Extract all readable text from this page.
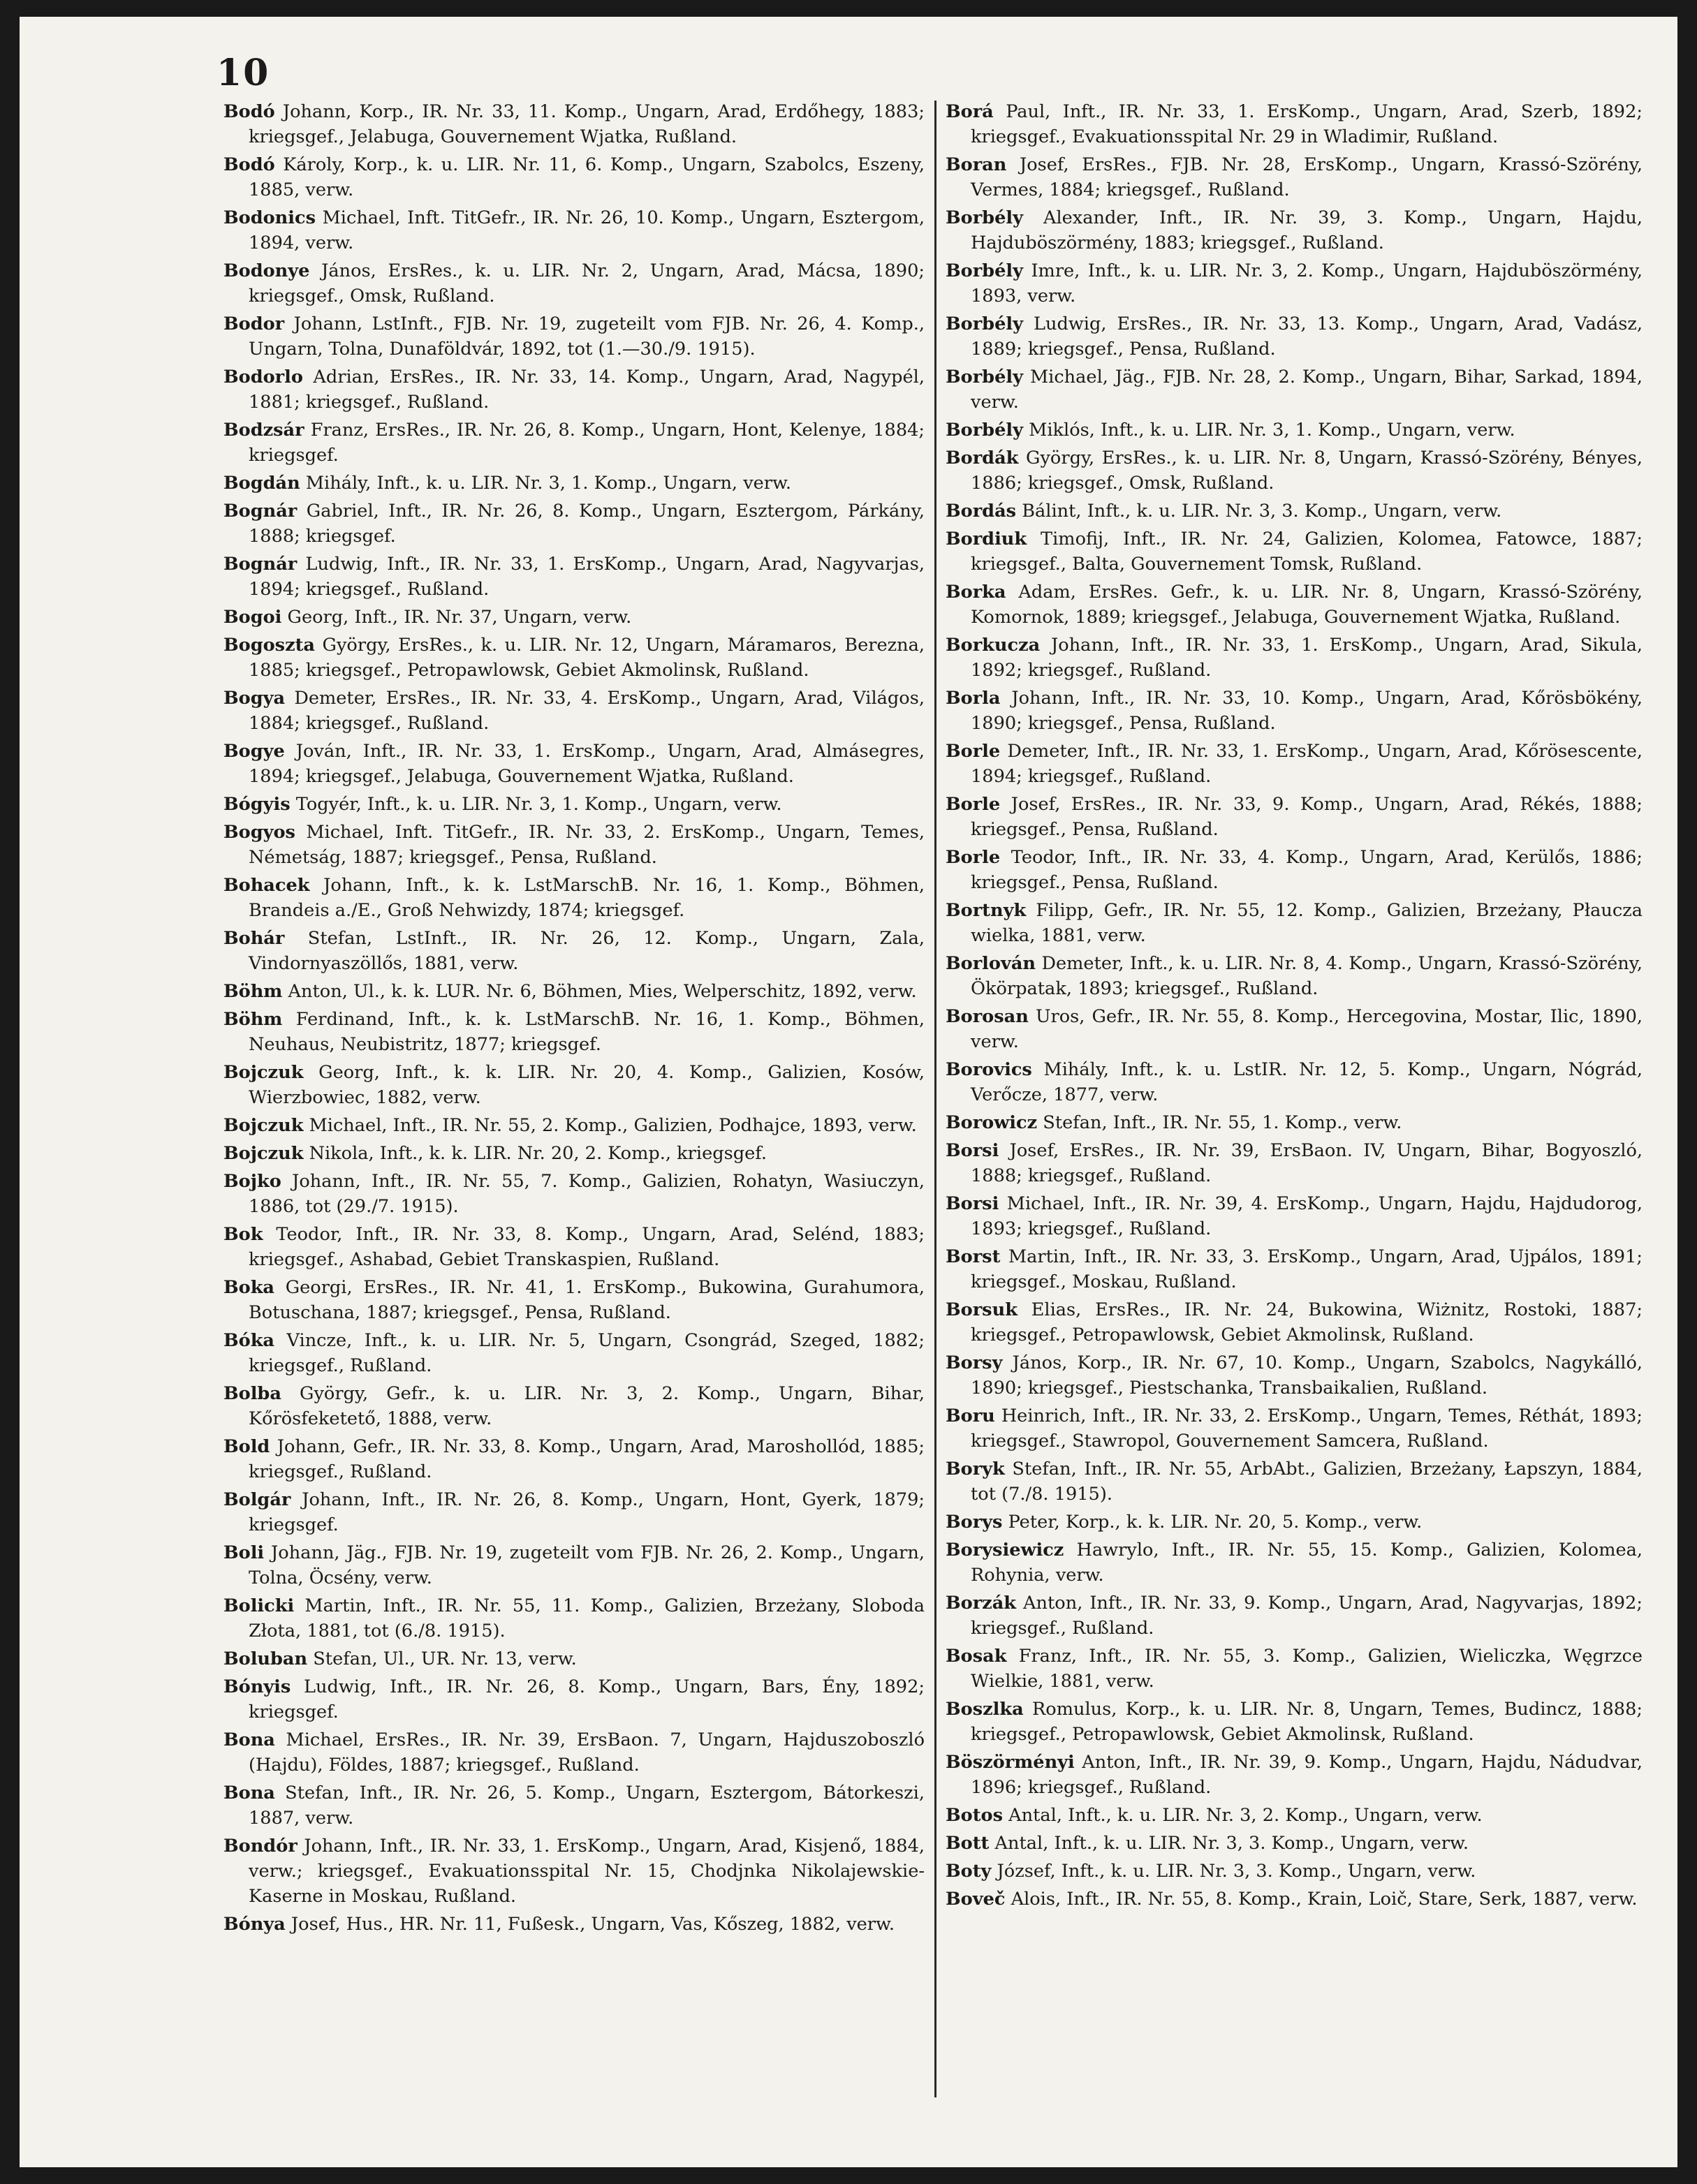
10

Bodó Johann, Korp., IR. Nr. 33, 11. Komp., Ungarn, Arad, Erdőhegy, 1883; kriegsgef., Jelabuga, Gouvernement Wjatka, Rußland.

Bodó Károly, Korp., k. u. LIR. Nr. 11, 6. Komp., Ungarn, Szabolcs, Eszeny, 1885, verw.

Bodonics Michael, Inft. TitGefr., IR. Nr. 26, 10. Komp., Ungarn, Esztergom, 1894, verw.

Bodonye János, ErsRes., k. u. LIR. Nr. 2, Ungarn, Arad, Mácsa, 1890; kriegsgef., Omsk, Rußland.

Bodor Johann, LstInft., FJB. Nr. 19, zugeteilt vom FJB. Nr. 26, 4. Komp., Ungarn, Tolna, Dunaföldvár, 1892, tot (1.—30./9. 1915).

Bodorlo Adrian, ErsRes., IR. Nr. 33, 14. Komp., Ungarn, Arad, Nagypél, 1881; kriegsgef., Rußland.

Bodzsár Franz, ErsRes., IR. Nr. 26, 8. Komp., Ungarn, Hont, Kelenye, 1884; kriegsgef.

Bogdán Mihály, Inft., k. u. LIR. Nr. 3, 1. Komp., Ungarn, verw.

Bognár Gabriel, Inft., IR. Nr. 26, 8. Komp., Ungarn, Esztergom, Párkány, 1888; kriegsgef.

Bognár Ludwig, Inft., IR. Nr. 33, 1. ErsKomp., Ungarn, Arad, Nagyvarjas, 1894; kriegsgef., Rußland.

Bogoi Georg, Inft., IR. Nr. 37, Ungarn, verw.

Bogoszta György, ErsRes., k. u. LIR. Nr. 12, Ungarn, Máramaros, Berezna, 1885; kriegsgef., Petropawlowsk, Gebiet Akmolinsk, Rußland.

Bogya Demeter, ErsRes., IR. Nr. 33, 4. ErsKomp., Ungarn, Arad, Világos, 1884; kriegsgef., Rußland.

Bogye Jován, Inft., IR. Nr. 33, 1. ErsKomp., Ungarn, Arad, Almásegres, 1894; kriegsgef., Jelabuga, Gouvernement Wjatka, Rußland.

Bógyis Togyér, Inft., k. u. LIR. Nr. 3, 1. Komp., Ungarn, verw.

Bogyos Michael, Inft. TitGefr., IR. Nr. 33, 2. ErsKomp., Ungarn, Temes, Németság, 1887; kriegsgef., Pensa, Rußland.

Bohacek Johann, Inft., k. k. LstMarschB. Nr. 16, 1. Komp., Böhmen, Brandeis a./E., Groß Nehwizdy, 1874; kriegsgef.

Bohár Stefan, LstInft., IR. Nr. 26, 12. Komp., Ungarn, Zala, Vindornyaszöllős, 1881, verw.

Böhm Anton, Ul., k. k. LUR. Nr. 6, Böhmen, Mies, Welperschitz, 1892, verw.

Böhm Ferdinand, Inft., k. k. LstMarschB. Nr. 16, 1. Komp., Böhmen, Neuhaus, Neubistritz, 1877; kriegsgef.

Bojczuk Georg, Inft., k. k. LIR. Nr. 20, 4. Komp., Galizien, Kosów, Wierzbowiec, 1882, verw.

Bojczuk Michael, Inft., IR. Nr. 55, 2. Komp., Galizien, Podhajce, 1893, verw.

Bojczuk Nikola, Inft., k. k. LIR. Nr. 20, 2. Komp., kriegsgef.

Bojko Johann, Inft., IR. Nr. 55, 7. Komp., Galizien, Rohatyn, Wasiuczyn, 1886, tot (29./7. 1915).

Bok Teodor, Inft., IR. Nr. 33, 8. Komp., Ungarn, Arad, Selénd, 1883; kriegsgef., Ashabad, Gebiet Transkaspien, Rußland.

Boka Georgi, ErsRes., IR. Nr. 41, 1. ErsKomp., Bukowina, Gurahumora, Botuschana, 1887; kriegsgef., Pensa, Rußland.

Bóka Vincze, Inft., k. u. LIR. Nr. 5, Ungarn, Csongrád, Szeged, 1882; kriegsgef., Rußland.

Bolba György, Gefr., k. u. LIR. Nr. 3, 2. Komp., Ungarn, Bihar, Kőrösfeketető, 1888, verw.

Bold Johann, Gefr., IR. Nr. 33, 8. Komp., Ungarn, Arad, Maroshollód, 1885; kriegsgef., Rußland.

Bolgár Johann, Inft., IR. Nr. 26, 8. Komp., Ungarn, Hont, Gyerk, 1879; kriegsgef.

Boli Johann, Jäg., FJB. Nr. 19, zugeteilt vom FJB. Nr. 26, 2. Komp., Ungarn, Tolna, Öcsény, verw.

Bolicki Martin, Inft., IR. Nr. 55, 11. Komp., Galizien, Brzeżany, Sloboda Złota, 1881, tot (6./8. 1915).

Boluban Stefan, Ul., UR. Nr. 13, verw.

Bónyis Ludwig, Inft., IR. Nr. 26, 8. Komp., Ungarn, Bars, Ény, 1892; kriegsgef.

Bona Michael, ErsRes., IR. Nr. 39, ErsBaon. 7, Ungarn, Hajduszoboszló (Hajdu), Földes, 1887; kriegsgef., Rußland.

Bona Stefan, Inft., IR. Nr. 26, 5. Komp., Ungarn, Esztergom, Bátorkeszi, 1887, verw.

Bondór Johann, Inft., IR. Nr. 33, 1. ErsKomp., Ungarn, Arad, Kisjenő, 1884, verw.; kriegsgef., Evakuationsspital Nr. 15, Chodjnka Nikolajewskie-Kaserne in Moskau, Rußland.

Bónya Josef, Hus., HR. Nr. 11, Fußesk., Ungarn, Vas, Kőszeg, 1882, verw.

Borá Paul, Inft., IR. Nr. 33, 1. ErsKomp., Ungarn, Arad, Szerb, 1892; kriegsgef., Evakuationsspital Nr. 29 in Wladimir, Rußland.

Boran Josef, ErsRes., FJB. Nr. 28, ErsKomp., Ungarn, Krassó-Szörény, Vermes, 1884; kriegsgef., Rußland.

Borbély Alexander, Inft., IR. Nr. 39, 3. Komp., Ungarn, Hajdu, Hajduböszörmény, 1883; kriegsgef., Rußland.

Borbély Imre, Inft., k. u. LIR. Nr. 3, 2. Komp., Ungarn, Hajduböszörmény, 1893, verw.

Borbély Ludwig, ErsRes., IR. Nr. 33, 13. Komp., Ungarn, Arad, Vadász, 1889; kriegsgef., Pensa, Rußland.

Borbély Michael, Jäg., FJB. Nr. 28, 2. Komp., Ungarn, Bihar, Sarkad, 1894, verw.

Borbély Miklós, Inft., k. u. LIR. Nr. 3, 1. Komp., Ungarn, verw.

Bordák György, ErsRes., k. u. LIR. Nr. 8, Ungarn, Krassó-Szörény, Bényes, 1886; kriegsgef., Omsk, Rußland.

Bordás Bálint, Inft., k. u. LIR. Nr. 3, 3. Komp., Ungarn, verw.

Bordiuk Timofij, Inft., IR. Nr. 24, Galizien, Kolomea, Fatowce, 1887; kriegsgef., Balta, Gouvernement Tomsk, Rußland.

Borka Adam, ErsRes. Gefr., k. u. LIR. Nr. 8, Ungarn, Krassó-Szörény, Komornok, 1889; kriegsgef., Jelabuga, Gouvernement Wjatka, Rußland.

Borkucza Johann, Inft., IR. Nr. 33, 1. ErsKomp., Ungarn, Arad, Sikula, 1892; kriegsgef., Rußland.

Borla Johann, Inft., IR. Nr. 33, 10. Komp., Ungarn, Arad, Kőrösbökény, 1890; kriegsgef., Pensa, Rußland.

Borle Demeter, Inft., IR. Nr. 33, 1. ErsKomp., Ungarn, Arad, Kőrösescente, 1894; kriegsgef., Rußland.

Borle Josef, ErsRes., IR. Nr. 33, 9. Komp., Ungarn, Arad, Rékés, 1888; kriegsgef., Pensa, Rußland.

Borle Teodor, Inft., IR. Nr. 33, 4. Komp., Ungarn, Arad, Kerülős, 1886; kriegsgef., Pensa, Rußland.

Bortnyk Filipp, Gefr., IR. Nr. 55, 12. Komp., Galizien, Brzeżany, Płaucza wielka, 1881, verw.

Borlován Demeter, Inft., k. u. LIR. Nr. 8, 4. Komp., Ungarn, Krassó-Szörény, Ökörpatak, 1893; kriegsgef., Rußland.

Borosan Uros, Gefr., IR. Nr. 55, 8. Komp., Hercegovina, Mostar, Ilic, 1890, verw.

Borovics Mihály, Inft., k. u. LstIR. Nr. 12, 5. Komp., Ungarn, Nógrád, Verőcze, 1877, verw.

Borowicz Stefan, Inft., IR. Nr. 55, 1. Komp., verw.

Borsi Josef, ErsRes., IR. Nr. 39, ErsBaon. IV, Ungarn, Bihar, Bogyoszló, 1888; kriegsgef., Rußland.

Borsi Michael, Inft., IR. Nr. 39, 4. ErsKomp., Ungarn, Hajdu, Hajdudorog, 1893; kriegsgef., Rußland.

Borst Martin, Inft., IR. Nr. 33, 3. ErsKomp., Ungarn, Arad, Ujpálos, 1891; kriegsgef., Moskau, Rußland.

Borsuk Elias, ErsRes., IR. Nr. 24, Bukowina, Wiżnitz, Rostoki, 1887; kriegsgef., Petropawlowsk, Gebiet Akmolinsk, Rußland.

Borsy János, Korp., IR. Nr. 67, 10. Komp., Ungarn, Szabolcs, Nagykálló, 1890; kriegsgef., Piestschanka, Transbaikalien, Rußland.

Boru Heinrich, Inft., IR. Nr. 33, 2. ErsKomp., Ungarn, Temes, Réthát, 1893; kriegsgef., Stawropol, Gouvernement Samcera, Rußland.

Boryk Stefan, Inft., IR. Nr. 55, ArbAbt., Galizien, Brzeżany, Łapszyn, 1884, tot (7./8. 1915).

Borys Peter, Korp., k. k. LIR. Nr. 20, 5. Komp., verw.

Borysiewicz Hawrylo, Inft., IR. Nr. 55, 15. Komp., Galizien, Kolomea, Rohynia, verw.

Borzák Anton, Inft., IR. Nr. 33, 9. Komp., Ungarn, Arad, Nagyvarjas, 1892; kriegsgef., Rußland.

Bosak Franz, Inft., IR. Nr. 55, 3. Komp., Galizien, Wieliczka, Węgrzce Wielkie, 1881, verw.

Boszlka Romulus, Korp., k. u. LIR. Nr. 8, Ungarn, Temes, Budincz, 1888; kriegsgef., Petropawlowsk, Gebiet Akmolinsk, Rußland.

Böszörményi Anton, Inft., IR. Nr. 39, 9. Komp., Ungarn, Hajdu, Nádudvar, 1896; kriegsgef., Rußland.

Botos Antal, Inft., k. u. LIR. Nr. 3, 2. Komp., Ungarn, verw.

Bott Antal, Inft., k. u. LIR. Nr. 3, 3. Komp., Ungarn, verw.

Boty József, Inft., k. u. LIR. Nr. 3, 3. Komp., Ungarn, verw.

Boveč Alois, Inft., IR. Nr. 55, 8. Komp., Krain, Loič, Stare, Serk, 1887, verw.
